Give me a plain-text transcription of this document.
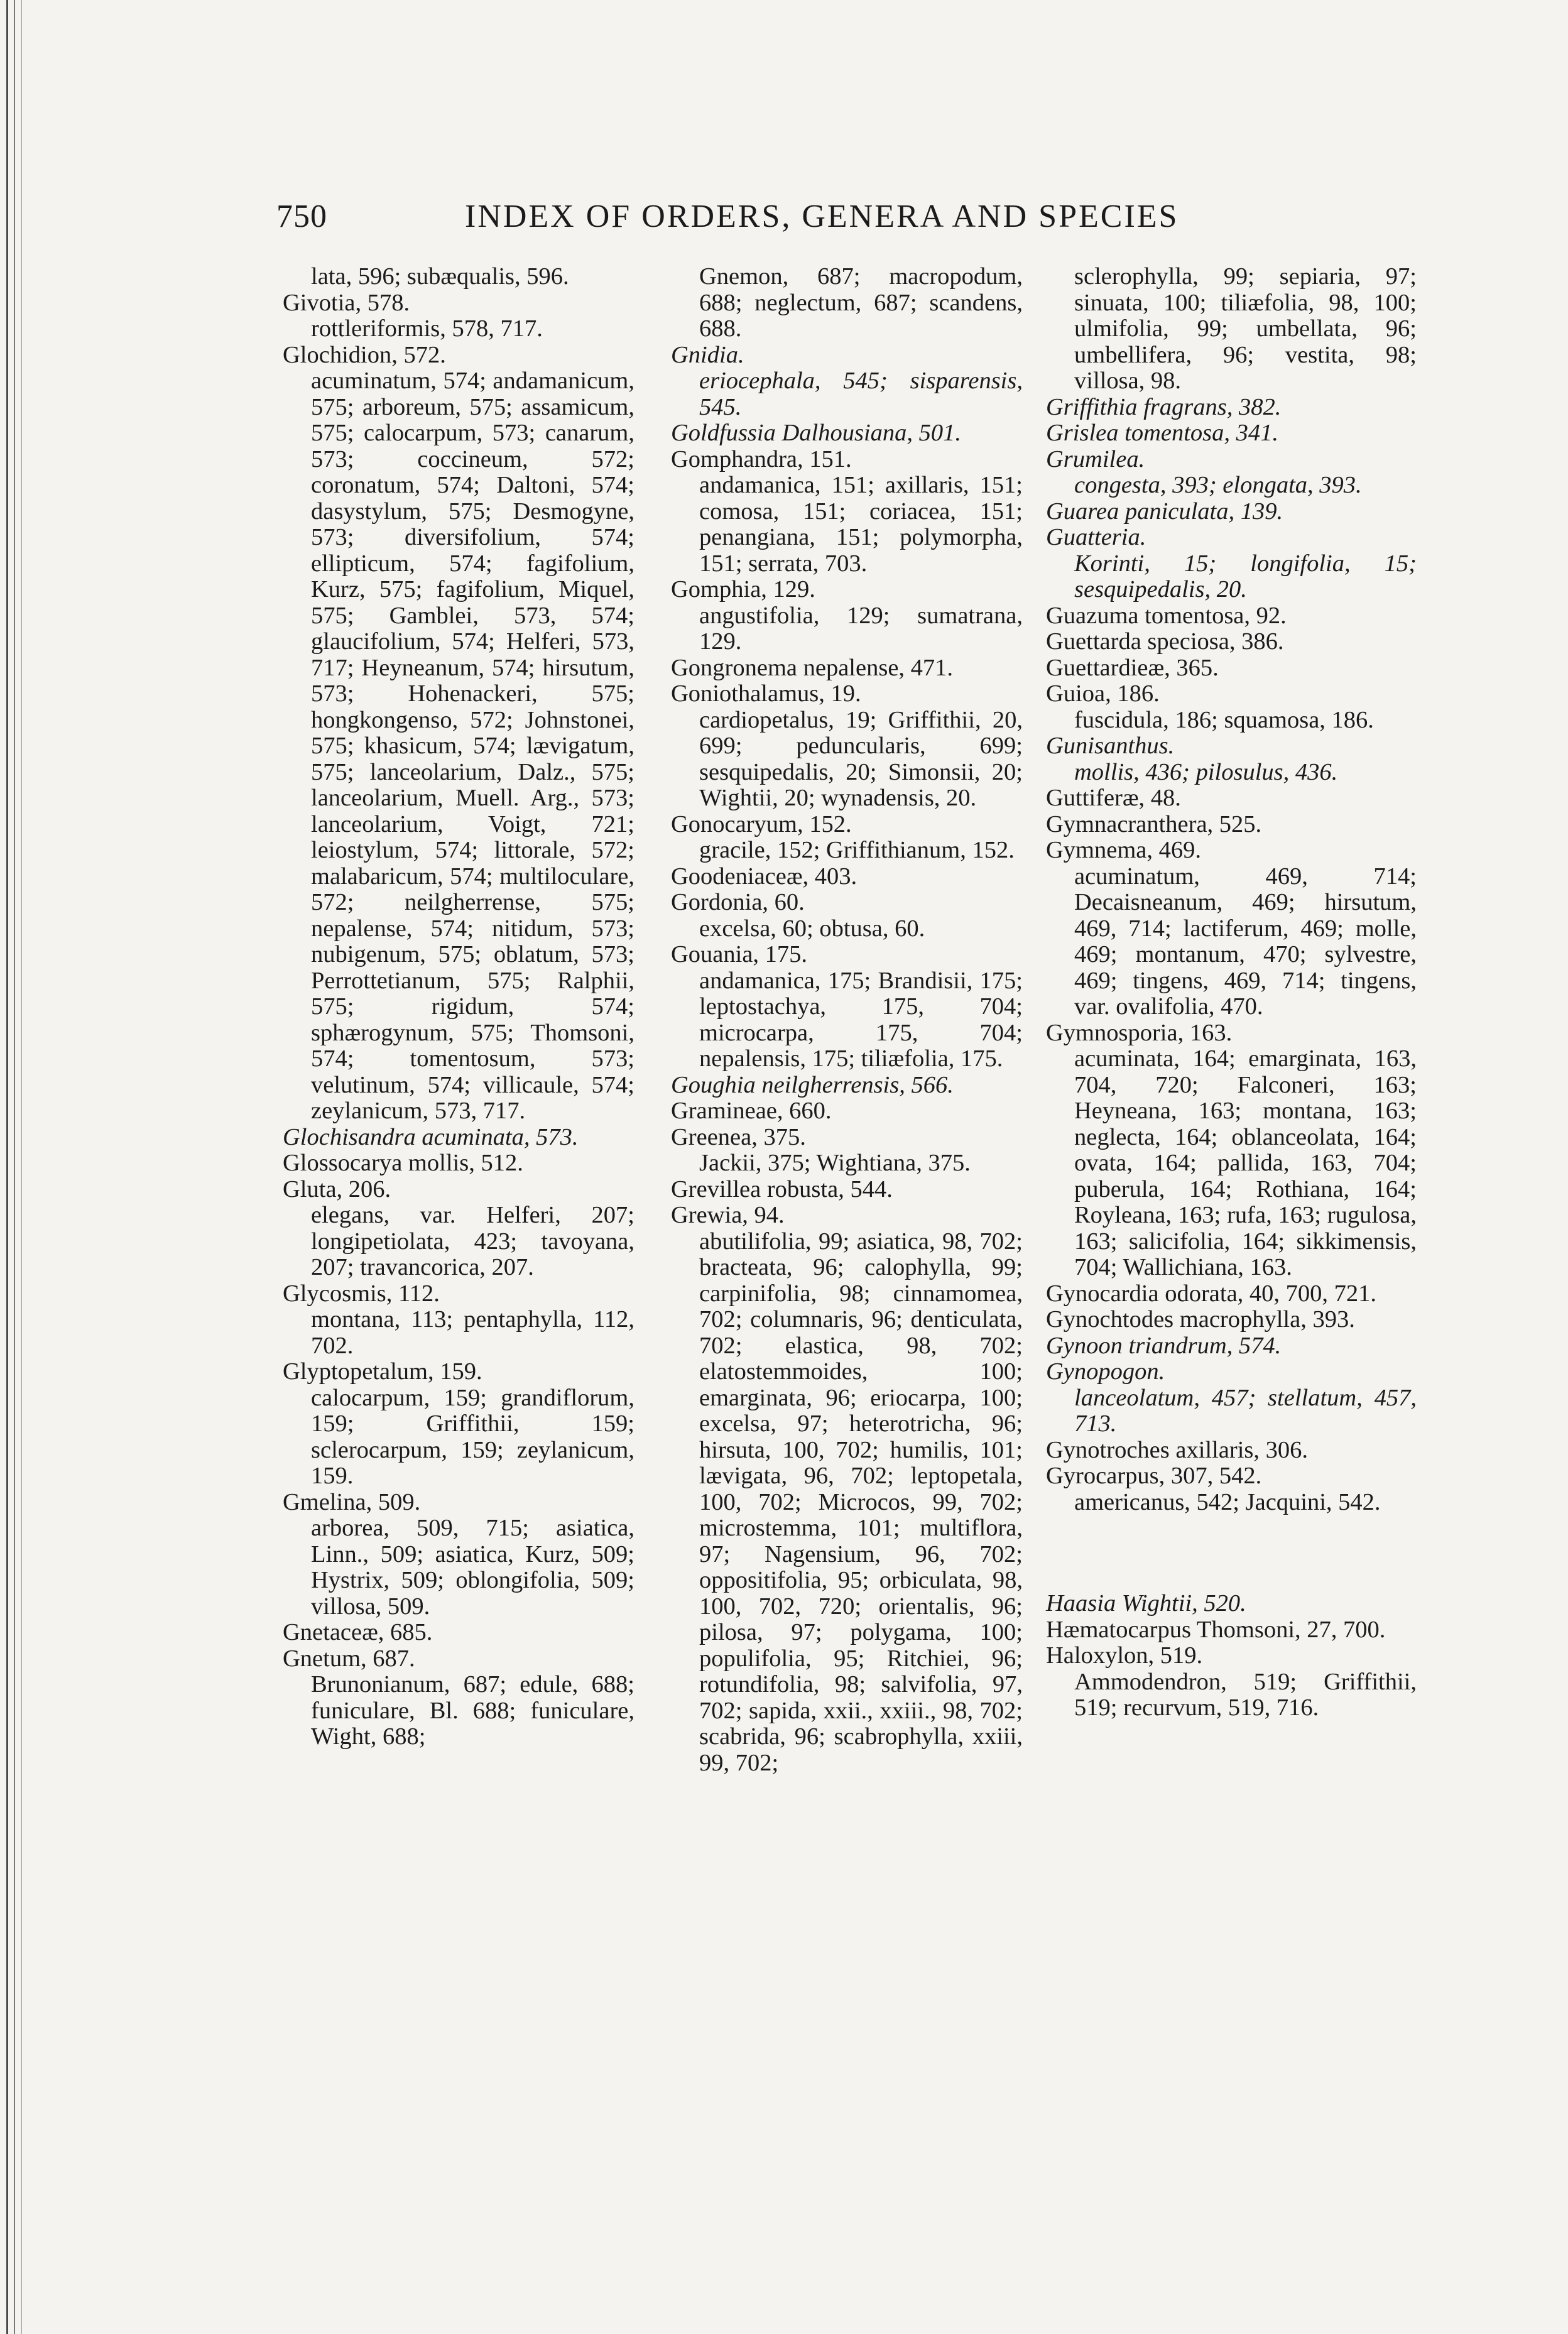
750	INDEX OF ORDERS, GENERA AND SPECIES
lata, 596; subæqualis, 596.
Givotia, 578.
rottleriformis, 578, 717.
Glochidion, 572.
acuminatum, 574; andamanicum, 575; arboreum, 575; assamicum, 575; calocarpum, 573; canarum, 573; coccineum, 572; coronatum, 574; Daltoni, 574; dasystylum, 575; Desmogyne, 573; diversifolium, 574; ellipticum, 574; fagifolium, Kurz, 575; fagifolium, Miquel, 575; Gamblei, 573, 574; glaucifolium, 574; Helferi, 573, 717; Heyneanum, 574; hirsutum, 573; Hohenackeri, 575; hongkongenso, 572; Johnstonei, 575; khasicum, 574; lævigatum, 575; lanceolarium, Dalz., 575; lanceolarium, Muell. Arg., 573; lanceolarium, Voigt, 721; leiostylum, 574; littorale, 572; malabaricum, 574; multiloculare, 572; neilgherrense, 575; nepalense, 574; nitidum, 573; nubigenum, 575; oblatum, 573; Perrottetianum, 575; Ralphii, 575; rigidum, 574; sphærogynum, 575; Thomsoni, 574; tomentosum, 573; velutinum, 574; villicaule, 574; zeylanicum, 573, 717.
Glochisandra acuminata, 573.
Glossocarya mollis, 512.
Gluta, 206.
elegans, var. Helferi, 207; longipetiolata, 423; tavoyana, 207; travancorica, 207.
Glycosmis, 112.
montana, 113; pentaphylla, 112, 702.
Glyptopetalum, 159.
calocarpum, 159; grandiflorum, 159; Griffithii, 159; sclerocarpum, 159; zeylanicum, 159.
Gmelina, 509.
arborea, 509, 715; asiatica, Linn., 509; asiatica, Kurz, 509; Hystrix, 509; oblongifolia, 509; villosa, 509.
Gnetaceæ, 685.
Gnetum, 687.
Brunonianum, 687; edule, 688; funiculare, Bl. 688; funiculare, Wight, 688;
Gnemon, 687; macropodum, 688; neglectum, 687; scandens, 688.
Gnidia.
eriocephala, 545; sisparensis, 545.
Goldfussia Dalhousiana, 501.
Gomphandra, 151.
andamanica, 151; axillaris, 151; comosa, 151; coriacea, 151; penangiana, 151; polymorpha, 151; serrata, 703.
Gomphia, 129.
angustifolia, 129; sumatrana, 129.
Gongronema nepalense, 471.
Goniothalamus, 19.
cardiopetalus, 19; Griffithii, 20, 699; peduncularis, 699; sesquipedalis, 20; Simonsii, 20; Wightii, 20; wynadensis, 20.
Gonocaryum, 152.
gracile, 152; Griffithianum, 152.
Goodeniaceæ, 403.
Gordonia, 60.
excelsa, 60; obtusa, 60.
Gouania, 175.
andamanica, 175; Brandisii, 175; leptostachya, 175, 704; microcarpa, 175, 704; nepalensis, 175; tiliæfolia, 175.
Goughia neilgherrensis, 566.
Gramineae, 660.
Greenea, 375.
Jackii, 375; Wightiana, 375.
Grevillea robusta, 544.
Grewia, 94.
abutilifolia, 99; asiatica, 98, 702; bracteata, 96; calophylla, 99; carpinifolia, 98; cinnamomea, 702; columnaris, 96; denticulata, 702; elastica, 98, 702; elatostemmoides, 100; emarginata, 96; eriocarpa, 100; excelsa, 97; heterotricha, 96; hirsuta, 100, 702; humilis, 101; lævigata, 96, 702; leptopetala, 100, 702; Microcos, 99, 702; microstemma, 101; multiflora, 97; Nagensium, 96, 702; oppositifolia, 95; orbiculata, 98, 100, 702, 720; orientalis, 96; pilosa, 97; polygama, 100; populifolia, 95; Ritchiei, 96; rotundifolia, 98; salvifolia, 97, 702; sapida, xxii., xxiii., 98, 702; scabrida, 96; scabrophylla, xxiii, 99, 702;
sclerophylla, 99; sepiaria, 97; sinuata, 100; tiliæfolia, 98, 100; ulmifolia, 99; umbellata, 96; umbellifera, 96; vestita, 98; villosa, 98.
Griffithia fragrans, 382.
Grislea tomentosa, 341.
Grumilea.
congesta, 393; elongata, 393.
Guarea paniculata, 139.
Guatteria.
Korinti, 15; longifolia, 15; sesquipedalis, 20.
Guazuma tomentosa, 92.
Guettarda speciosa, 386.
Guettardieæ, 365.
Guioa, 186.
fuscidula, 186; squamosa, 186.
Gunisanthus.
mollis, 436; pilosulus, 436.
Guttiferæ, 48.
Gymnacranthera, 525.
Gymnema, 469.
acuminatum, 469, 714; Decaisneanum, 469; hirsutum, 469, 714; lactiferum, 469; molle, 469; montanum, 470; sylvestre, 469; tingens, 469, 714; tingens, var. ovalifolia, 470.
Gymnosporia, 163.
acuminata, 164; emarginata, 163, 704, 720; Falconeri, 163; Heyneana, 163; montana, 163; neglecta, 164; oblanceolata, 164; ovata, 164; pallida, 163, 704; puberula, 164; Rothiana, 164; Royleana, 163; rufa, 163; rugulosa, 163; salicifolia, 164; sikkimensis, 704; Wallichiana, 163.
Gynocardia odorata, 40, 700, 721.
Gynochtodes macrophylla, 393.
Gynoon triandrum, 574.
Gynopogon.
lanceolatum, 457; stellatum, 457, 713.
Gynotroches axillaris, 306.
Gyrocarpus, 307, 542.
americanus, 542; Jacquini, 542.
Haasia Wightii, 520.
Hæmatocarpus Thomsoni, 27, 700.
Haloxylon, 519.
Ammodendron, 519; Griffithii, 519; recurvum, 519, 716.
